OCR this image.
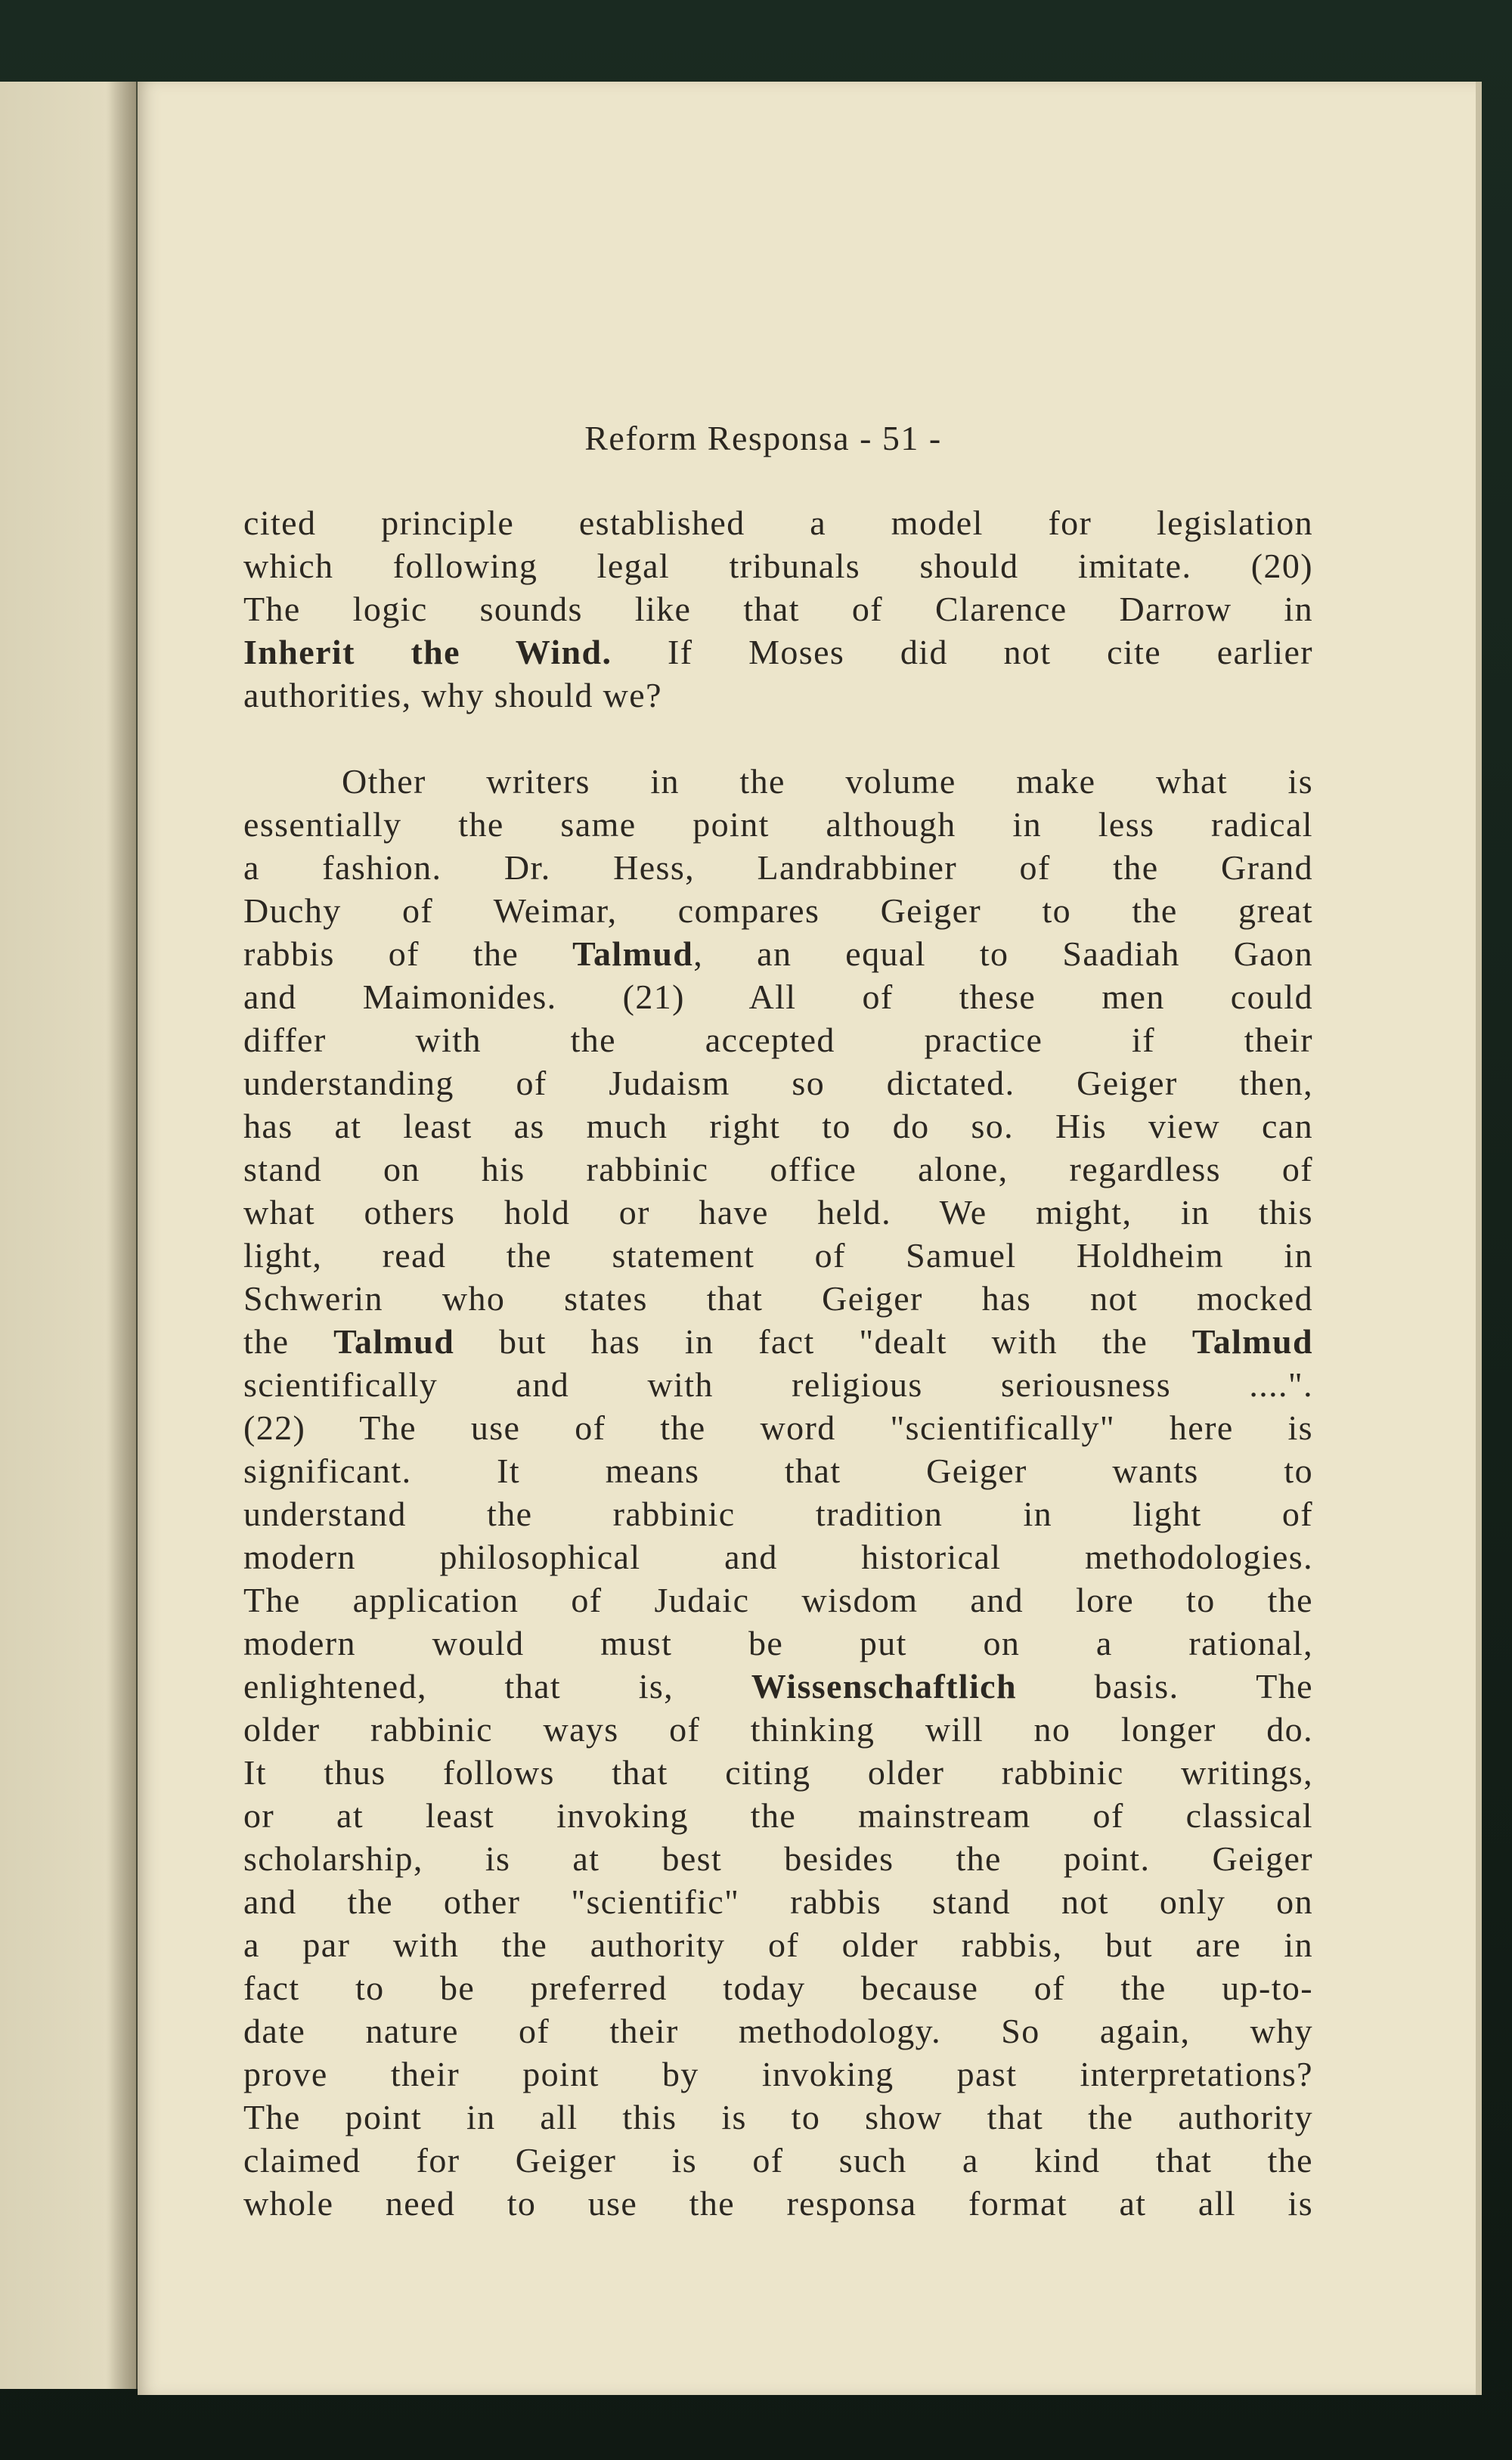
Reform Responsa - 51 -
cited principle established a model for legislation
which following legal tribunals should imitate. (20)
The logic sounds like that of Clarence Darrow in
Inherit the Wind. If Moses did not cite earlier
authorities, why should we?
Other writers in the volume make what is
essentially the same point although in less radical
a fashion. Dr. Hess, Landrabbiner of the Grand
Duchy of Weimar, compares Geiger to the great
rabbis of the Talmud, an equal to Saadiah Gaon
and Maimonides. (21) All of these men could
differ with the accepted practice if their
understanding of Judaism so dictated. Geiger then,
has at least as much right to do so. His view can
stand on his rabbinic office alone, regardless of
what others hold or have held. We might, in this
light, read the statement of Samuel Holdheim in
Schwerin who states that Geiger has not mocked
the Talmud but has in fact "dealt with the Talmud
scientifically and with religious seriousness ....".
(22) The use of the word "scientifically" here is
significant. It means that Geiger wants to
understand the rabbinic tradition in light of
modern philosophical and historical methodologies.
The application of Judaic wisdom and lore to the
modern would must be put on a rational,
enlightened, that is, Wissenschaftlich basis. The
older rabbinic ways of thinking will no longer do.
It thus follows that citing older rabbinic writings,
or at least invoking the mainstream of classical
scholarship, is at best besides the point. Geiger
and the other "scientific" rabbis stand not only on
a par with the authority of older rabbis, but are in
fact to be preferred today because of the up-to-
date nature of their methodology. So again, why
prove their point by invoking past interpretations?
The point in all this is to show that the authority
claimed for Geiger is of such a kind that the
whole need to use the responsa format at all is
